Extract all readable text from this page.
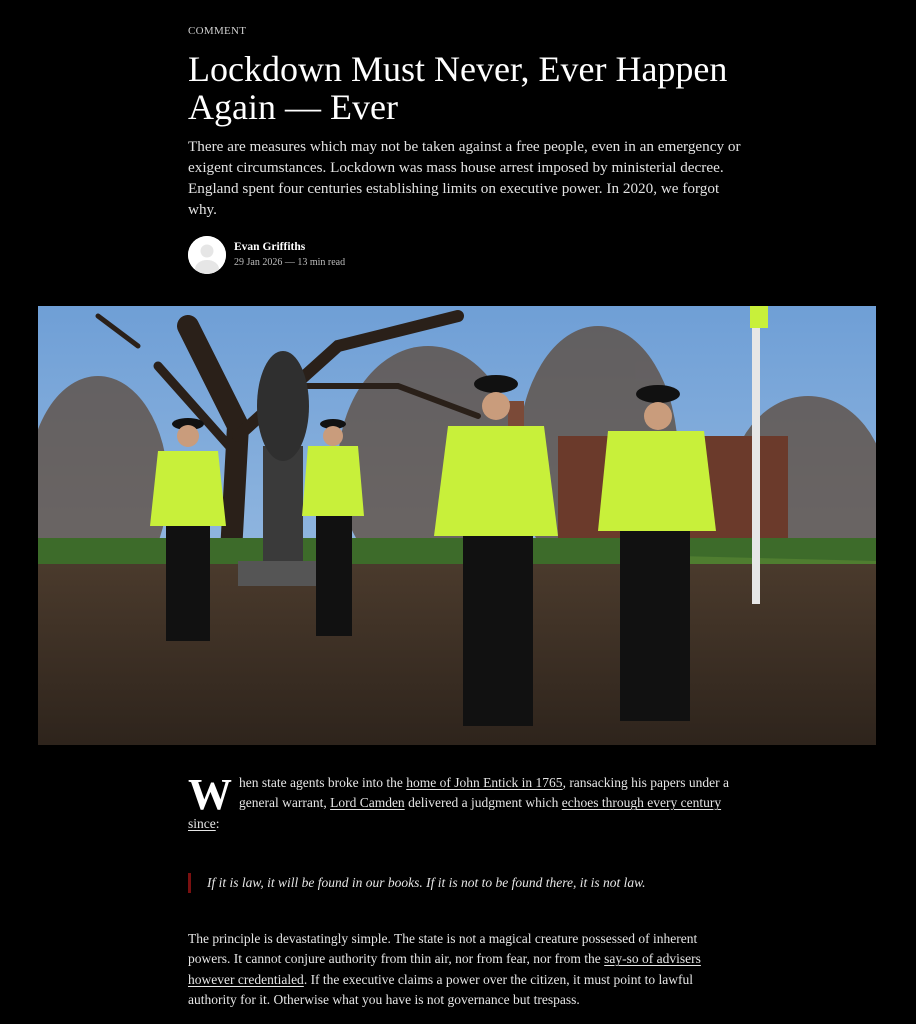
COMMENT
Lockdown Must Never, Ever Happen Again — Ever

There are measures which may not be taken against a free people, even in an emergency or exigent circumstances. Lockdown was mass house arrest imposed by ministerial decree. England spent four centuries establishing limits on executive power. In 2020, we forgot why.

Evan Griffiths
29 Jan 2026 — 13 min read

When state agents broke into the home of John Entick in 1765, ransacking his papers under a general warrant, Lord Camden delivered a judgment which echoes through every century since:

If it is law, it will be found in our books. If it is not to be found there, it is not law.

The principle is devastatingly simple. The state is not a magical creature possessed of inherent powers. It cannot conjure authority from thin air, nor from fear, nor from the say-so of advisers however credentialed. If the executive claims a power over the citizen, it must point to lawful authority for it. Otherwise what you have is not governance but trespass.
